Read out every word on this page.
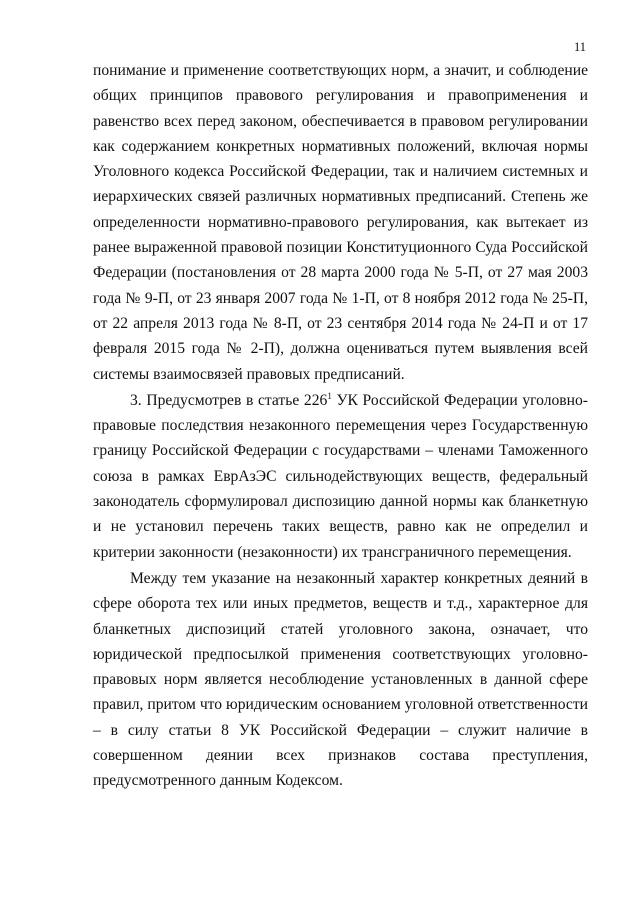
11

понимание и применение соответствующих норм, а значит, и соблюдение общих принципов правового регулирования и правоприменения и равенство всех перед законом, обеспечивается в правовом регулировании как содержанием конкретных нормативных положений, включая нормы Уголовного кодекса Российской Федерации, так и наличием системных и иерархических связей различных нормативных предписаний. Степень же определенности нормативно-правового регулирования, как вытекает из ранее выраженной правовой позиции Конституционного Суда Российской Федерации (постановления от 28 марта 2000 года № 5-П, от 27 мая 2003 года № 9-П, от 23 января 2007 года № 1-П, от 8 ноября 2012 года № 25-П, от 22 апреля 2013 года № 8-П, от 23 сентября 2014 года № 24-П и от 17 февраля 2015 года № 2-П), должна оцениваться путем выявления всей системы взаимосвязей правовых предписаний.

3. Предусмотрев в статье $226^1$ УК Российской Федерации уголовно-правовые последствия незаконного перемещения через Государственную границу Российской Федерации с государствами – членами Таможенного союза в рамках ЕврАзЭС сильнодействующих веществ, федеральный законодатель сформулировал диспозицию данной нормы как бланкетную и не установил перечень таких веществ, равно как не определил и критерии законности (незаконности) их трансграничного перемещения.

Между тем указание на незаконный характер конкретных деяний в сфере оборота тех или иных предметов, веществ и т.д., характерное для бланкетных диспозиций статей уголовного закона, означает, что юридической предпосылкой применения соответствующих уголовно-правовых норм является несоблюдение установленных в данной сфере правил, притом что юридическим основанием уголовной ответственности – в силу статьи 8 УК Российской Федерации – служит наличие в совершенном деянии всех признаков состава преступления, предусмотренного данным Кодексом.
